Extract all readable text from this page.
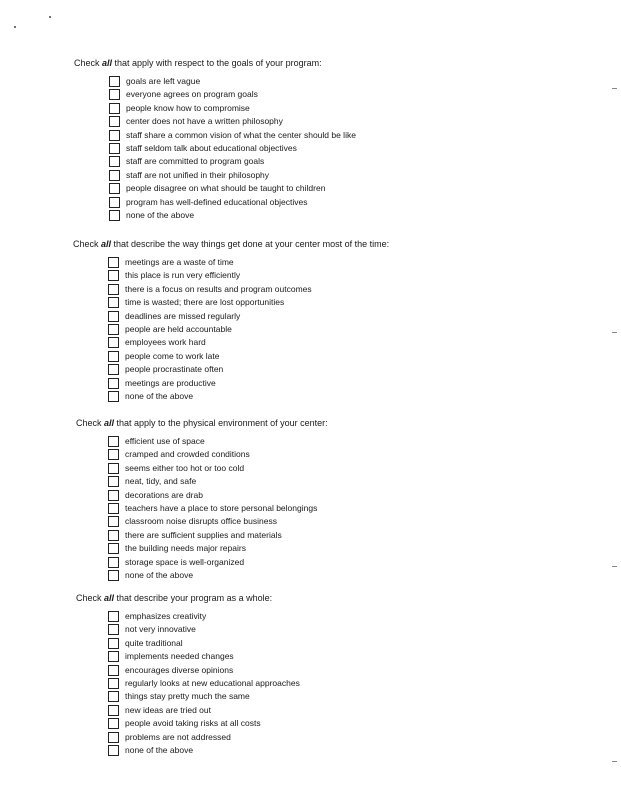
Check all that apply with respect to the goals of your program:
goals are left vague
everyone agrees on program goals
people know how to compromise
center does not have a written philosophy
staff share a common vision of what the center should be like
staff seldom talk about educational objectives
staff are committed to program goals
staff are not unified in their philosophy
people disagree on what should be taught to children
program has well-defined educational objectives
none of the above
Check all that describe the way things get done at your center most of the time:
meetings are a waste of time
this place is run very efficiently
there is a focus on results and program outcomes
time is wasted; there are lost opportunities
deadlines are missed regularly
people are held accountable
employees work hard
people come to work late
people procrastinate often
meetings are productive
none of the above
Check all that apply to the physical environment of your center:
efficient use of space
cramped and crowded conditions
seems either too hot or too cold
neat, tidy, and safe
decorations are drab
teachers have a place to store personal belongings
classroom noise disrupts office business
there are sufficient supplies and materials
the building needs major repairs
storage space is well-organized
none of the above
Check all that describe your program as a whole:
emphasizes creativity
not very innovative
quite traditional
implements needed changes
encourages diverse opinions
regularly looks at new educational approaches
things stay pretty much the same
new ideas are tried out
people avoid taking risks at all costs
problems are not addressed
none of the above
